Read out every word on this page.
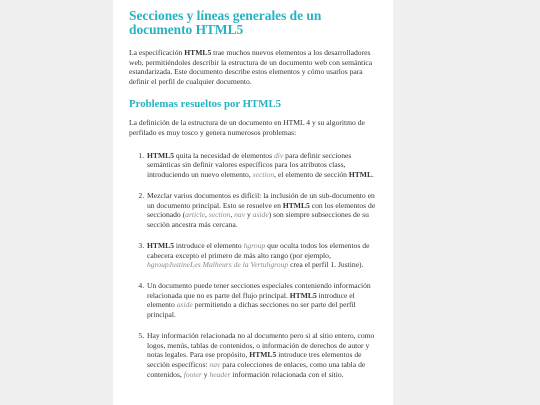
Secciones y líneas generales de un documento HTML5

La especificación HTML5 trae muchos nuevos elementos a los desarrolladores web, permitiéndoles describir la estructura de un documento web con semántica estandarizada. Este documento describe estos elementos y cómo usarlos para definir el perfil de cualquier documento.

Problemas resueltos por HTML5

La definición de la estructura de un documento en HTML 4 y su algoritmo de perfilado es muy tosco y genera numerosos problemas:

1. HTML5 quita la necesidad de elementos div para definir secciones semánticas sin definir valores específicos para los atributos class, introduciendo un nuevo elemento, section, el elemento de sección HTML.
2. Mezclar varios documentos es difícil: la inclusión de un sub-documento en un documento principal. Esto se resuelve en HTML5 con los elementos de seccionado (article, section, nav y aside) son siempre subsecciones de su sección ancestra más cercana.
3. HTML5 introduce el elemento hgroup que oculta todos los elementos de cabecera excepto el primero de más alto rango (por ejemplo, hgroupJustineLes Malheurs de la Vertuhgroup crea el perfil 1. Justine).
4. Un documento puede tener secciones especiales conteniendo información relacionada que no es parte del flujo principal. HTML5 introduce el elemento aside permitiendo a dichas secciones no ser parte del perfil principal.
5. Hay información relacionada no al documento pero si al sitio entero, como logos, menús, tablas de contenidos, o información de derechos de autor y notas legales. Para ese propósito, HTML5 introduce tres elementos de sección específicos: nav para colecciones de enlaces, como una tabla de contenidos, footer y header información relacionada con el sitio.
